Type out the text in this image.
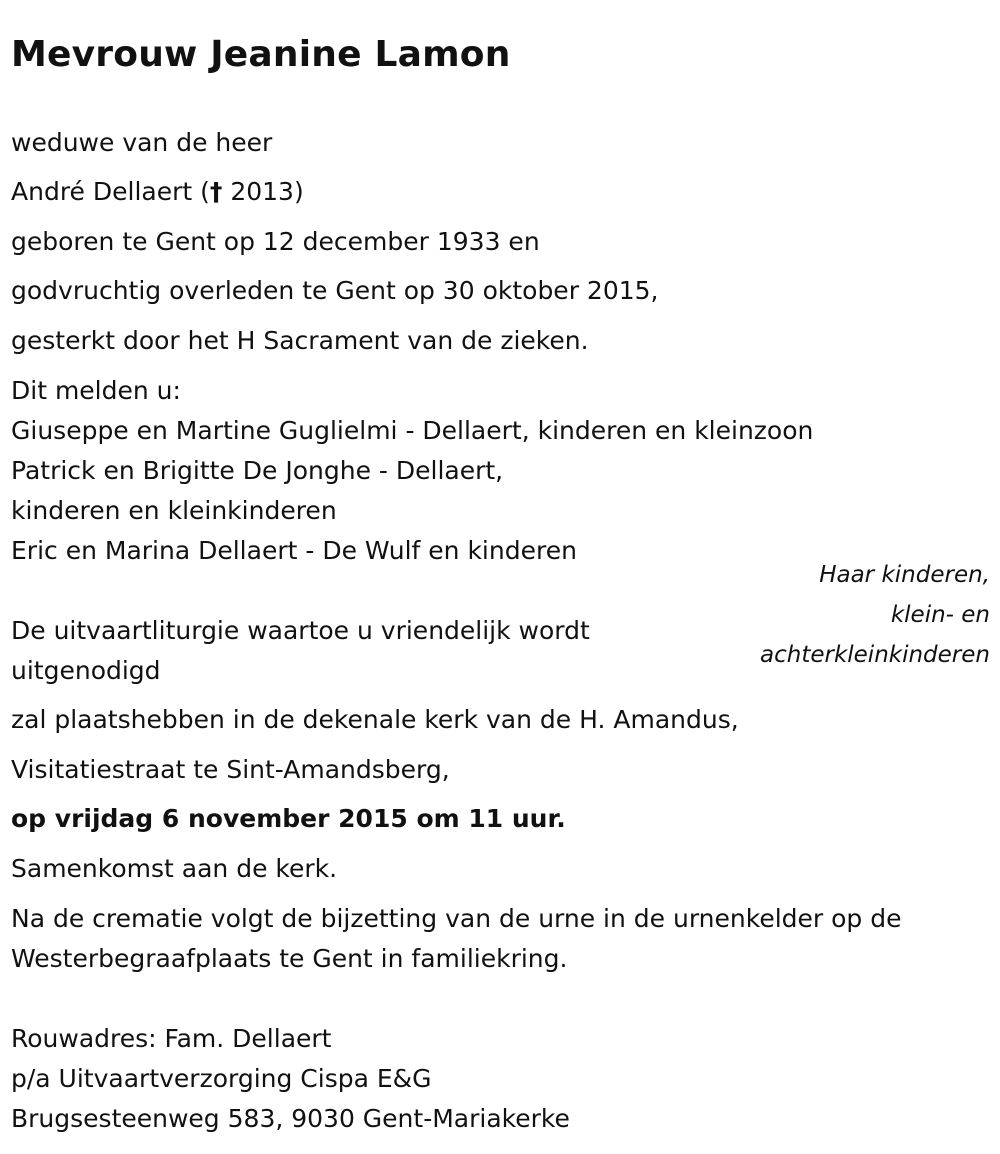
Mevrouw Jeanine Lamon
weduwe van de heer
André Dellaert († 2013)
geboren te Gent op 12 december 1933 en
godvruchtig overleden te Gent op 30 oktober 2015,
gesterkt door het H Sacrament van de zieken.
Dit melden u:
Giuseppe en Martine Guglielmi - Dellaert, kinderen en kleinzoon
Patrick en Brigitte De Jonghe - Dellaert,
kinderen en kleinkinderen
Eric en Marina Dellaert - De Wulf en kinderen
Haar kinderen,
klein- en
achterkleinkinderen
De uitvaartliturgie waartoe u vriendelijk wordt
uitgenodigd
zal plaatshebben in de dekenale kerk van de H. Amandus,
Visitatiestraat te Sint-Amandsberg,
op vrijdag 6 november 2015 om 11 uur.
Samenkomst aan de kerk.
Na de crematie volgt de bijzetting van de urne in de urnenkelder op de
Westerbegraafplaats te Gent in familiekring.
Rouwadres: Fam. Dellaert
p/a Uitvaartverzorging Cispa E&G
Brugsesteenweg 583, 9030 Gent-Mariakerke
